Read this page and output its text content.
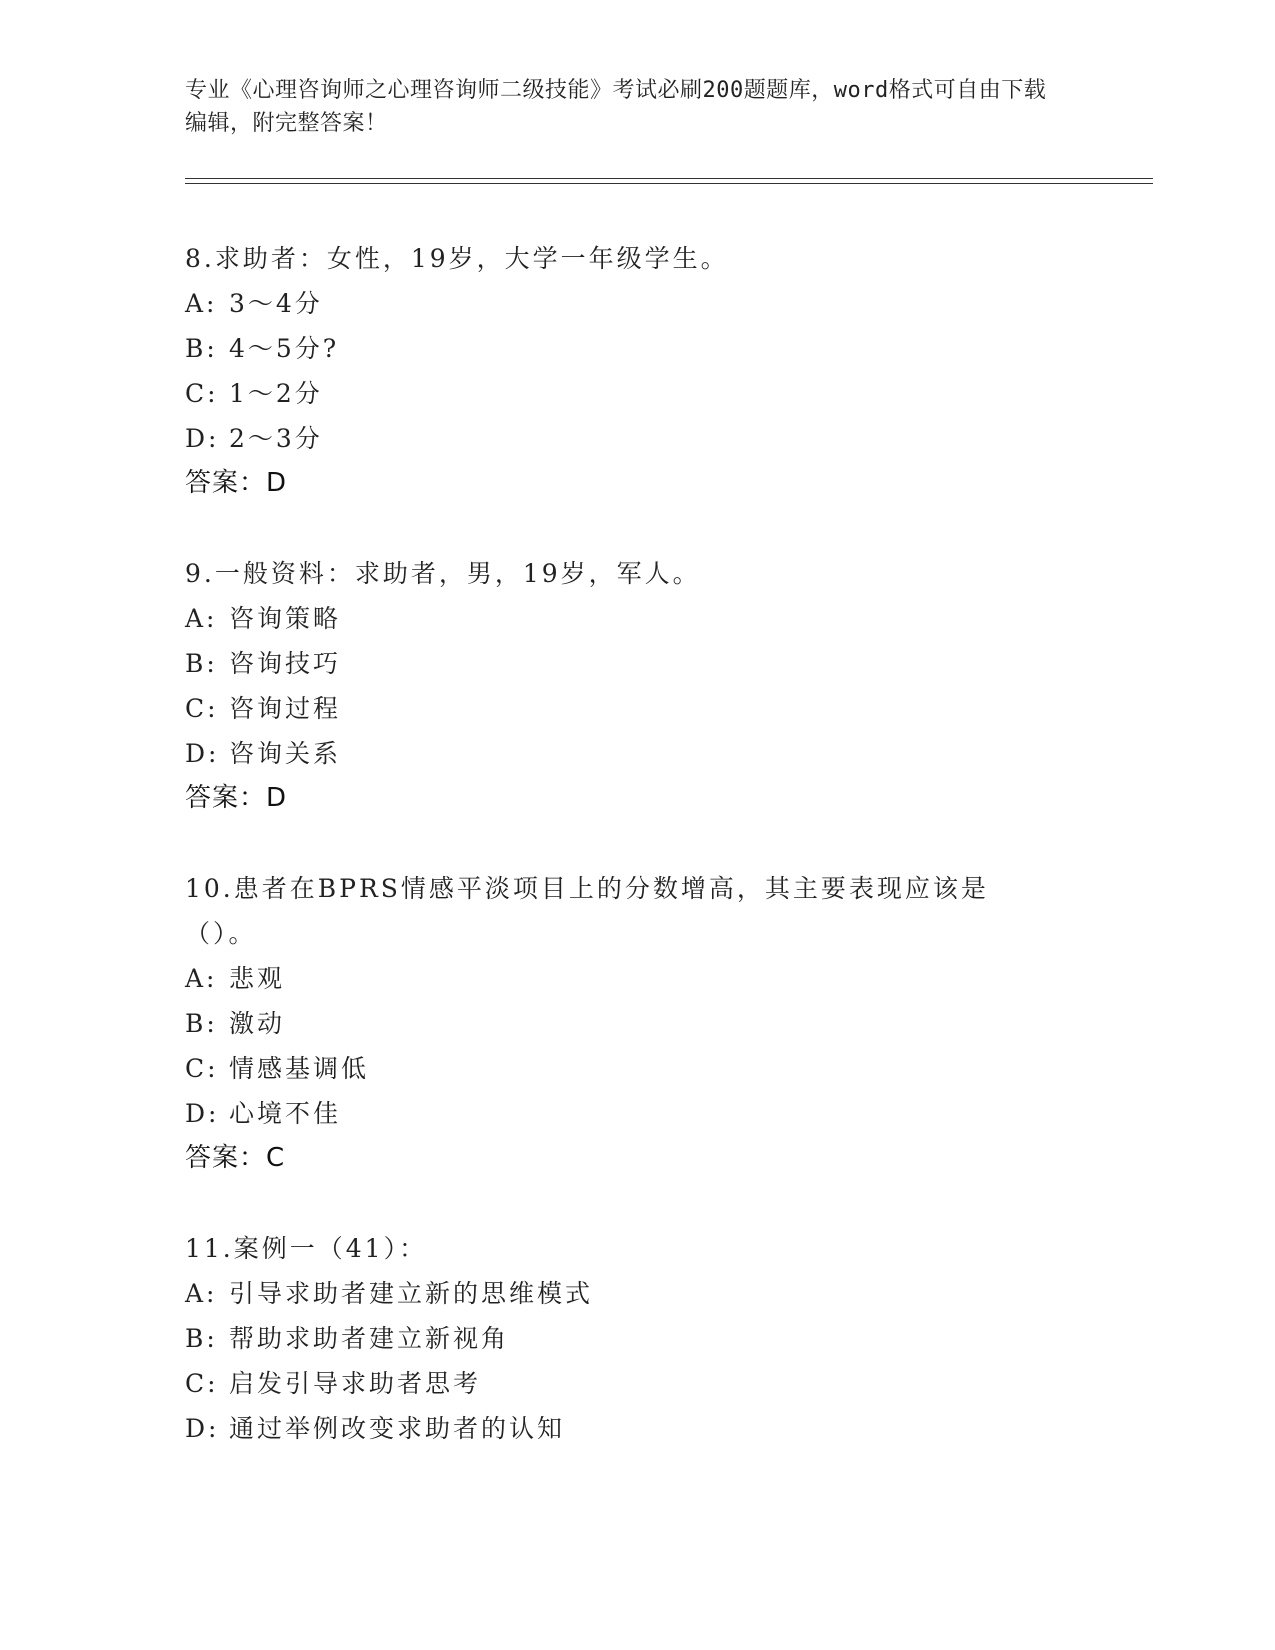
专业《心理咨询师之心理咨询师二级技能》考试必刷200题题库，word格式可自由下载编辑，附完整答案！
8.求助者：女性，19岁，大学一年级学生。
A: 3～4分
B: 4～5分?
C: 1～2分
D: 2～3分
答案：D
9.一般资料：求助者，男，19岁，军人。
A: 咨询策略
B: 咨询技巧
C: 咨询过程
D: 咨询关系
答案：D
10.患者在BPRS情感平淡项目上的分数增高，其主要表现应该是（）。
A: 悲观
B: 激动
C: 情感基调低
D: 心境不佳
答案：C
11.案例一（41）：
A: 引导求助者建立新的思维模式
B: 帮助求助者建立新视角
C: 启发引导求助者思考
D: 通过举例改变求助者的认知
